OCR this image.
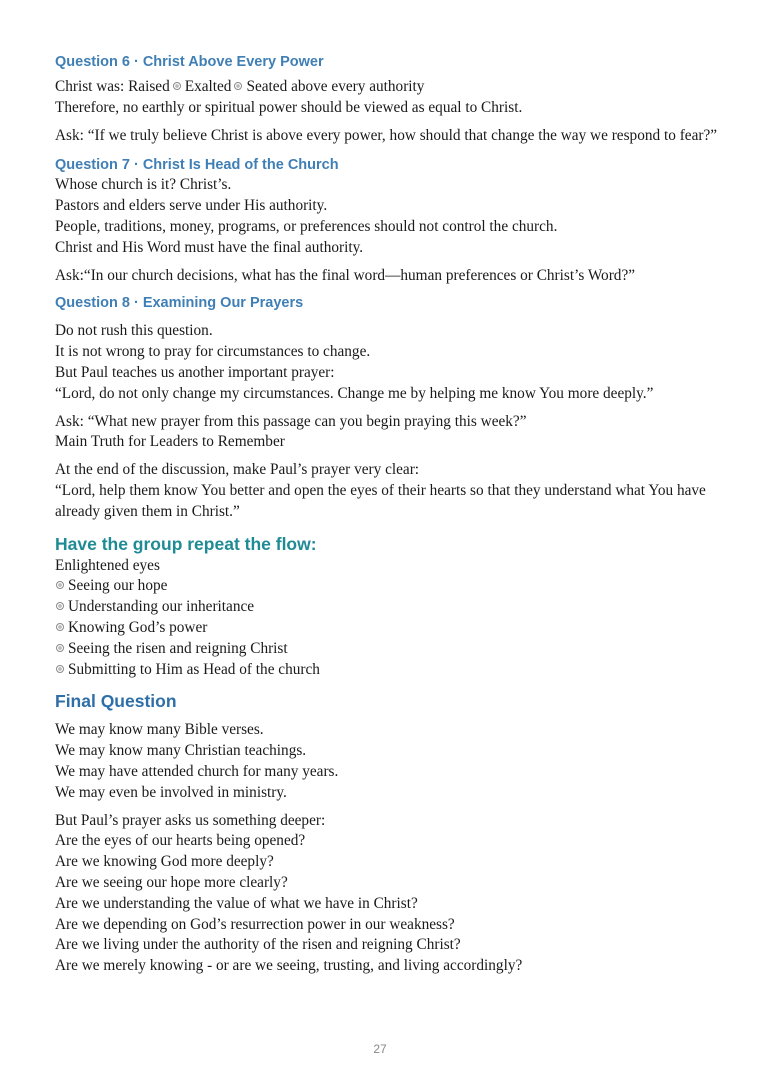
Question 6 · Christ Above Every Power

Christ was: Raised Exalted Seated above every authority
Therefore, no earthly or spiritual power should be viewed as equal to Christ.

Ask: “If we truly believe Christ is above every power, how should that change the way we respond to fear?”

Question 7 · Christ Is Head of the Church

Whose church is it? Christ’s.
Pastors and elders serve under His authority.
People, traditions, money, programs, or preferences should not control the church.
Christ and His Word must have the final authority.

Ask:“In our church decisions, what has the final word—human preferences or Christ’s Word?”

Question 8 · Examining Our Prayers

Do not rush this question.
It is not wrong to pray for circumstances to change.
But Paul teaches us another important prayer:
“Lord, do not only change my circumstances. Change me by helping me know You more deeply.”

Ask: “What new prayer from this passage can you begin praying this week?”
Main Truth for Leaders to Remember

At the end of the discussion, make Paul’s prayer very clear:
“Lord, help them know You better and open the eyes of their hearts so that they understand what You have already given them in Christ.”

Have the group repeat the flow:

Enlightened eyes
Seeing our hope
Understanding our inheritance
Knowing God’s power
Seeing the risen and reigning Christ
Submitting to Him as Head of the church

Final Question

We may know many Bible verses.
We may know many Christian teachings.
We may have attended church for many years.
We may even be involved in ministry.

But Paul’s prayer asks us something deeper:
Are the eyes of our hearts being opened?
Are we knowing God more deeply?
Are we seeing our hope more clearly?
Are we understanding the value of what we have in Christ?
Are we depending on God’s resurrection power in our weakness?
Are we living under the authority of the risen and reigning Christ?
Are we merely knowing - or are we seeing, trusting, and living accordingly?

27
